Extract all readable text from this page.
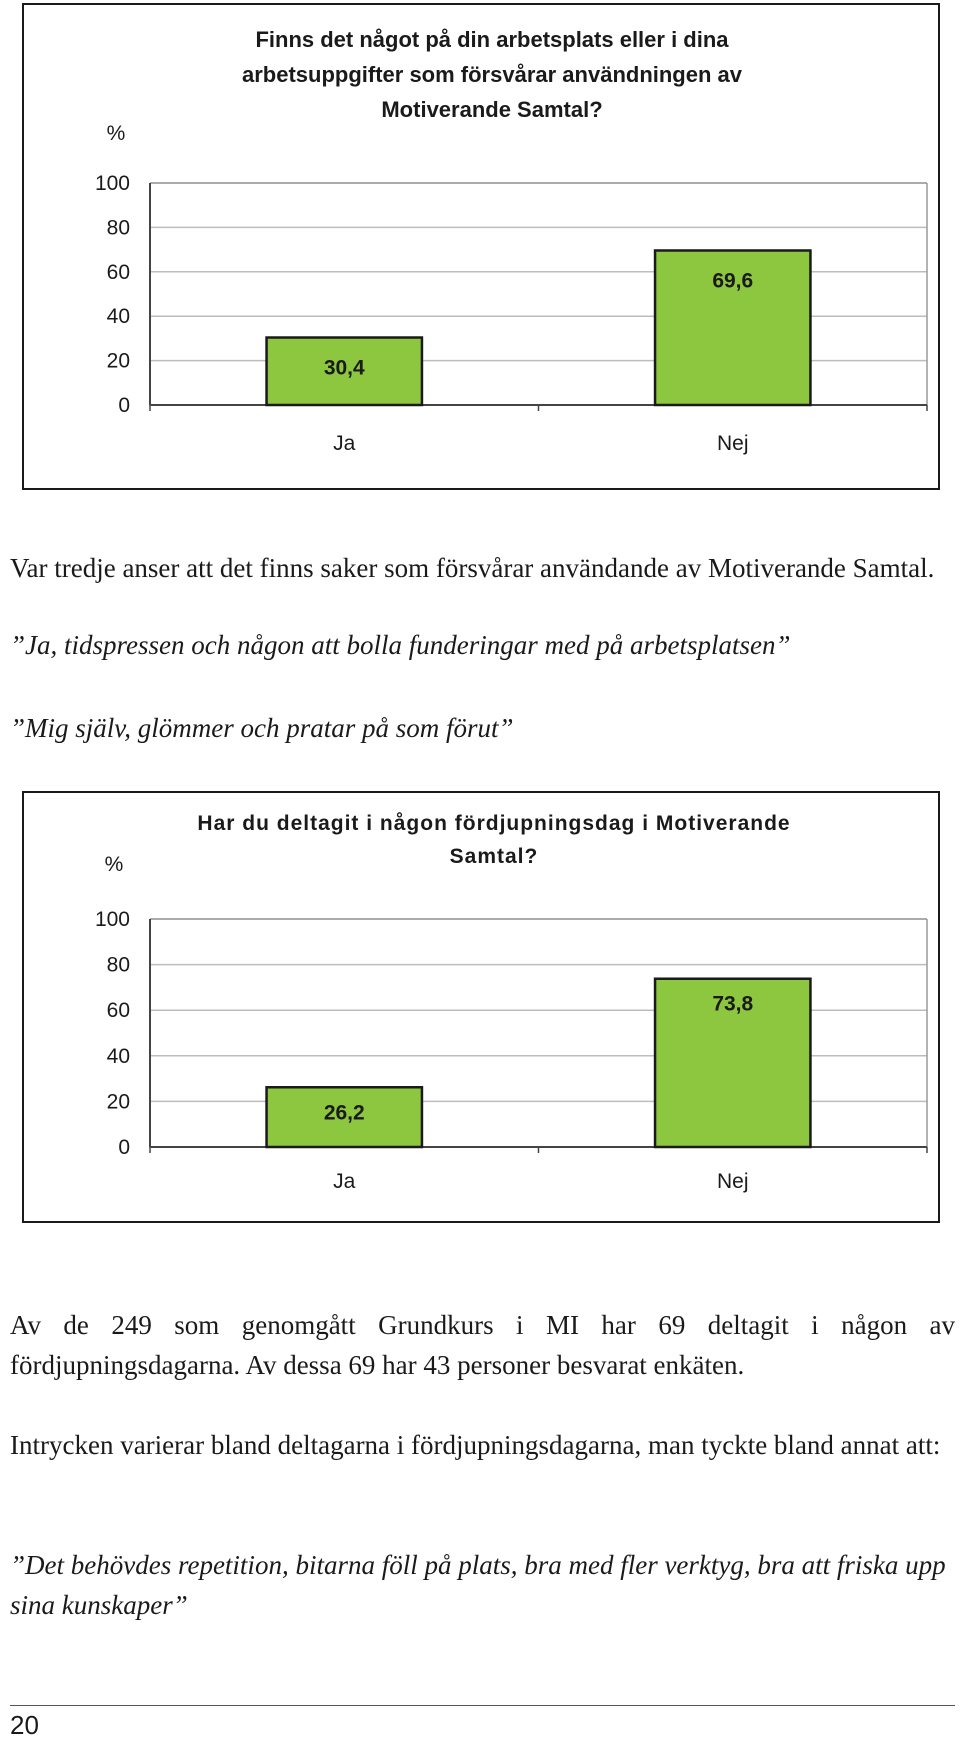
Finns det något på din arbetsplats eller i dina
arbetsuppgifter som försvårar användningen av
Motiverande Samtal?
%
100
80
60
40
20
0
30,4
Ja
69,6
Nej

Var tredje anser att det finns saker som försvårar användande av Motiverande Samtal.

”Ja, tidspressen och någon att bolla funderingar med på arbetsplatsen”

”Mig själv, glömmer och pratar på som förut”

Har du deltagit i någon fördjupningsdag i Motiverande
Samtal?
%
100
80
60
40
20
0
26,2
Ja
73,8
Nej

Av de 249 som genomgått Grundkurs i MI har 69 deltagit i någon av fördjupningsdagarna. Av dessa 69 har 43 personer besvarat enkäten.

Intrycken varierar bland deltagarna i fördjupningsdagarna, man tyckte bland annat att:

”Det behövdes repetition, bitarna föll på plats, bra med fler verktyg, bra att friska upp sina kunskaper”

20
